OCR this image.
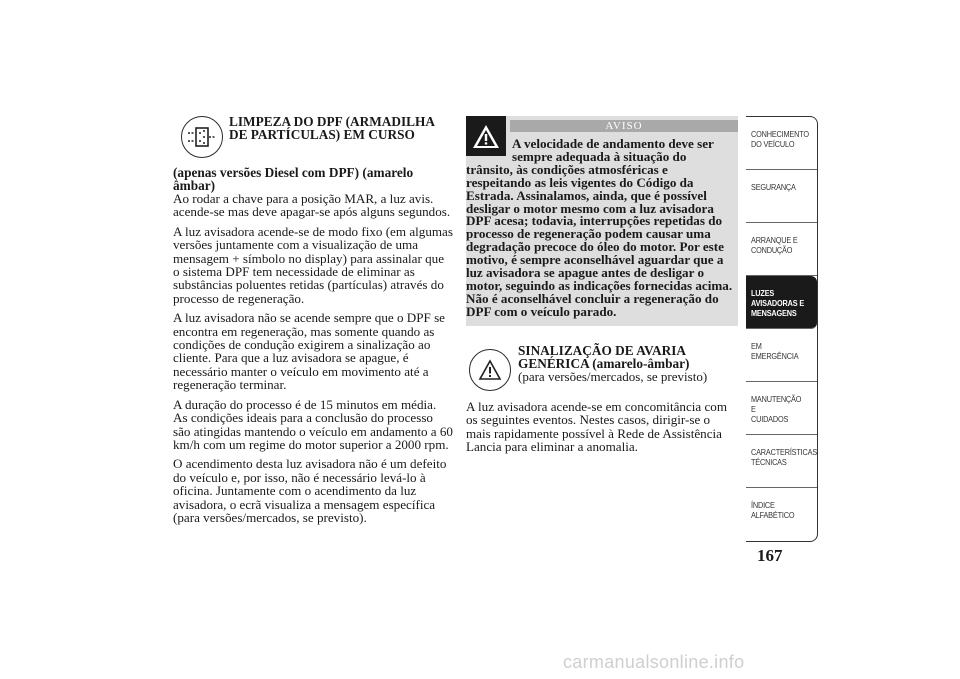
LIMPEZA DO DPF (ARMADILHA DE PARTÍCULAS) EM CURSO

(apenas versões Diesel com DPF) (amarelo âmbar)

Ao rodar a chave para a posição MAR, a luz avis. acende-se mas deve apagar-se após alguns segundos.

A luz avisadora acende-se de modo fixo (em algumas versões juntamente com a visualização de uma mensagem + símbolo no display) para assinalar que o sistema DPF tem necessidade de eliminar as substâncias poluentes retidas (partículas) através do processo de regeneração.

A luz avisadora não se acende sempre que o DPF se encontra em regeneração, mas somente quando as condições de condução exigirem a sinalização ao cliente. Para que a luz avisadora se apague, é necessário manter o veículo em movimento até a regeneração terminar.

A duração do processo é de 15 minutos em média. As condições ideais para a conclusão do processo são atingidas mantendo o veículo em andamento a 60 km/h com um regime do motor superior a 2000 rpm.

O acendimento desta luz avisadora não é um defeito do veículo e, por isso, não é necessário levá-lo à oficina. Juntamente com o acendimento da luz avisadora, o ecrã visualiza a mensagem específica (para versões/mercados, se previsto).

AVISO

A velocidade de andamento deve ser sempre adequada à situação do
trânsito, às condições atmosféricas e respeitando as leis vigentes do Código da Estrada. Assinalamos, ainda, que é possível desligar o motor mesmo com a luz avisadora DPF acesa; todavia, interrupções repetidas do processo de regeneração podem causar uma degradação precoce do óleo do motor. Por este motivo, é sempre aconselhável aguardar que a luz avisadora se apague antes de desligar o motor, seguindo as indicações fornecidas acima. Não é aconselhável concluir a regeneração do DPF com o veículo parado.

SINALIZAÇÃO DE AVARIA GENÉRICA (amarelo-âmbar)

(para versões/mercados, se previsto)

A luz avisadora acende-se em concomitância com os seguintes eventos. Nestes casos, dirigir-se o mais rapidamente possível à Rede de Assistência Lancia para eliminar a anomalia.

CONHECIMENTO
DO VEÍCULO
SEGURANÇA
ARRANQUE E
CONDUÇÃO
LUZES
AVISADORAS E
MENSAGENS
EM EMERGÊNCIA
MANUTENÇÃO E
CUIDADOS
CARACTERÍSTICAS
TÉCNICAS
ÍNDICE
ALFABÉTICO
167
carmanualsonline.info
